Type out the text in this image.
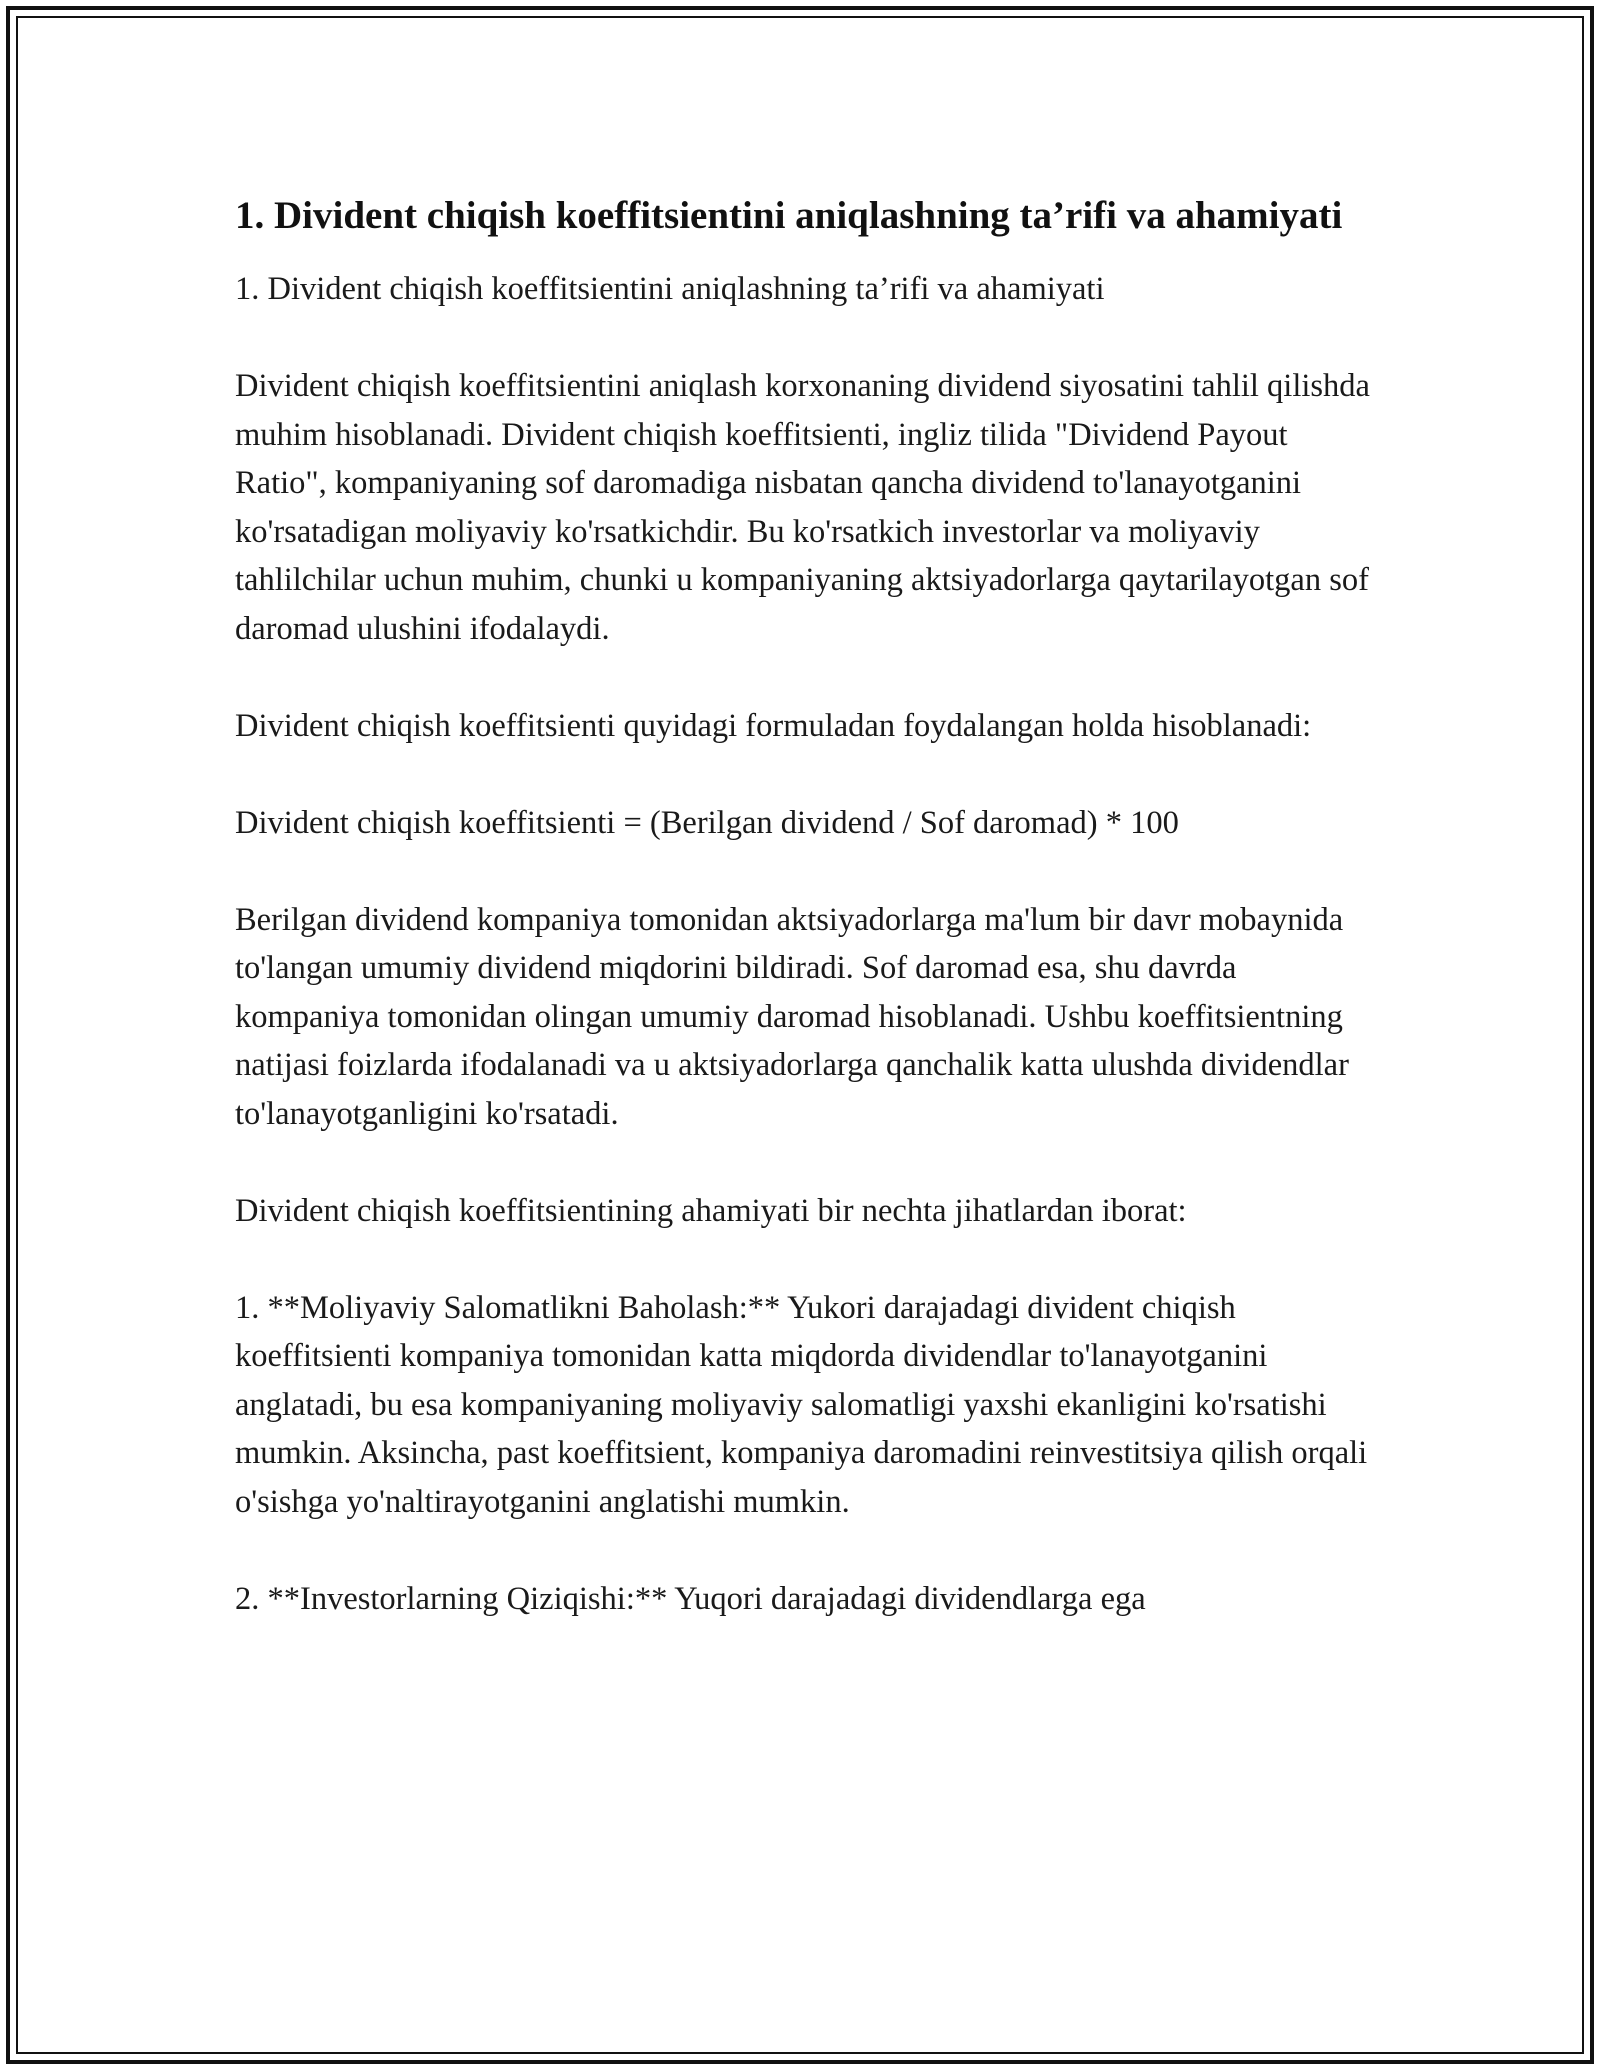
1. Divident chiqish koeffitsientini aniqlashning ta’rifi va ahamiyati

1. Divident chiqish koeffitsientini aniqlashning ta’rifi va ahamiyati

Divident chiqish koeffitsientini aniqlash korxonaning dividend siyosatini tahlil qilishda muhim hisoblanadi. Divident chiqish koeffitsienti, ingliz tilida "Dividend Payout Ratio", kompaniyaning sof daromadiga nisbatan qancha dividend to'lanayotganini ko'rsatadigan moliyaviy ko'rsatkichdir. Bu ko'rsatkich investorlar va moliyaviy tahlilchilar uchun muhim, chunki u kompaniyaning aktsiyadorlarga qaytarilayotgan sof daromad ulushini ifodalaydi.

Divident chiqish koeffitsienti quyidagi formuladan foydalangan holda hisoblanadi:

Divident chiqish koeffitsienti = (Berilgan dividend / Sof daromad) * 100

Berilgan dividend kompaniya tomonidan aktsiyadorlarga ma'lum bir davr mobaynida to'langan umumiy dividend miqdorini bildiradi. Sof daromad esa, shu davrda kompaniya tomonidan olingan umumiy daromad hisoblanadi. Ushbu koeffitsientning natijasi foizlarda ifodalanadi va u aktsiyadorlarga qanchalik katta ulushda dividendlar to'lanayotganligini ko'rsatadi.

Divident chiqish koeffitsientining ahamiyati bir nechta jihatlardan iborat:

1. **Moliyaviy Salomatlikni Baholash:** Yukori darajadagi divident chiqish koeffitsienti kompaniya tomonidan katta miqdorda dividendlar to'lanayotganini anglatadi, bu esa kompaniyaning moliyaviy salomatligi yaxshi ekanligini ko'rsatishi mumkin. Aksincha, past koeffitsient, kompaniya daromadini reinvestitsiya qilish orqali o'sishga yo'naltirayotganini anglatishi mumkin.

2. **Investorlarning Qiziqishi:** Yuqori darajadagi dividendlarga ega
